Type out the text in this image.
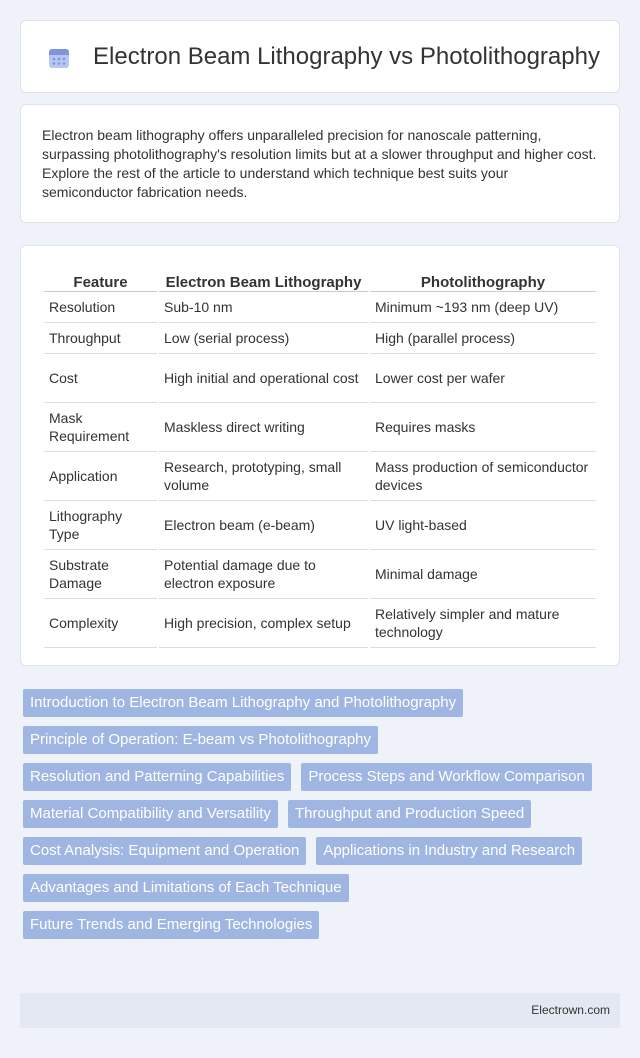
Electron Beam Lithography vs Photolithography

Electron beam lithography offers unparalleled precision for nanoscale patterning, surpassing photolithography's resolution limits but at a slower throughput and higher cost. Explore the rest of the article to understand which technique best suits your semiconductor fabrication needs.

Feature	Electron Beam Lithography	Photolithography
Resolution	Sub-10 nm	Minimum ~193 nm (deep UV)
Throughput	Low (serial process)	High (parallel process)
Cost	High initial and operational cost	Lower cost per wafer
Mask Requirement	Maskless direct writing	Requires masks
Application	Research, prototyping, small volume	Mass production of semiconductor devices
Lithography Type	Electron beam (e-beam)	UV light-based
Substrate Damage	Potential damage due to electron exposure	Minimal damage
Complexity	High precision, complex setup	Relatively simpler and mature technology
Introduction to Electron Beam Lithography and Photolithography
Principle of Operation: E-beam vs Photolithography
Resolution and Patterning Capabilities	Process Steps and Workflow Comparison
Material Compatibility and Versatility	Throughput and Production Speed
Cost Analysis: Equipment and Operation	Applications in Industry and Research
Advantages and Limitations of Each Technique
Future Trends and Emerging Technologies
Electrown.com
